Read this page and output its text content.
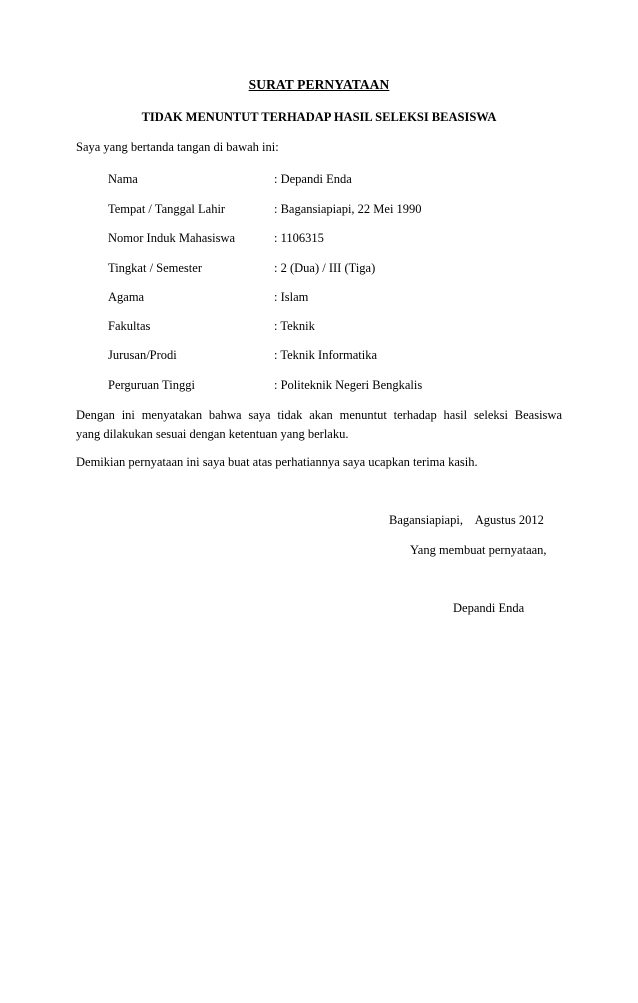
SURAT PERNYATAAN
TIDAK MENUNTUT TERHADAP HASIL SELEKSI BEASISWA
Saya yang bertanda tangan di bawah ini:
Nama	: Depandi Enda
Tempat / Tanggal Lahir	: Bagansiapiapi, 22 Mei 1990
Nomor Induk Mahasiswa	: 1106315
Tingkat / Semester	: 2 (Dua) / III (Tiga)
Agama	: Islam
Fakultas	: Teknik
Jurusan/Prodi	: Teknik Informatika
Perguruan Tinggi	: Politeknik Negeri Bengkalis
Dengan ini menyatakan bahwa saya tidak akan menuntut terhadap hasil seleksi Beasiswa
yang dilakukan sesuai dengan ketentuan yang berlaku.
Demikian pernyataan ini saya buat atas perhatiannya saya ucapkan terima kasih.
Bagansiapiapi,    Agustus 2012
Yang membuat pernyataan,
Depandi Enda
